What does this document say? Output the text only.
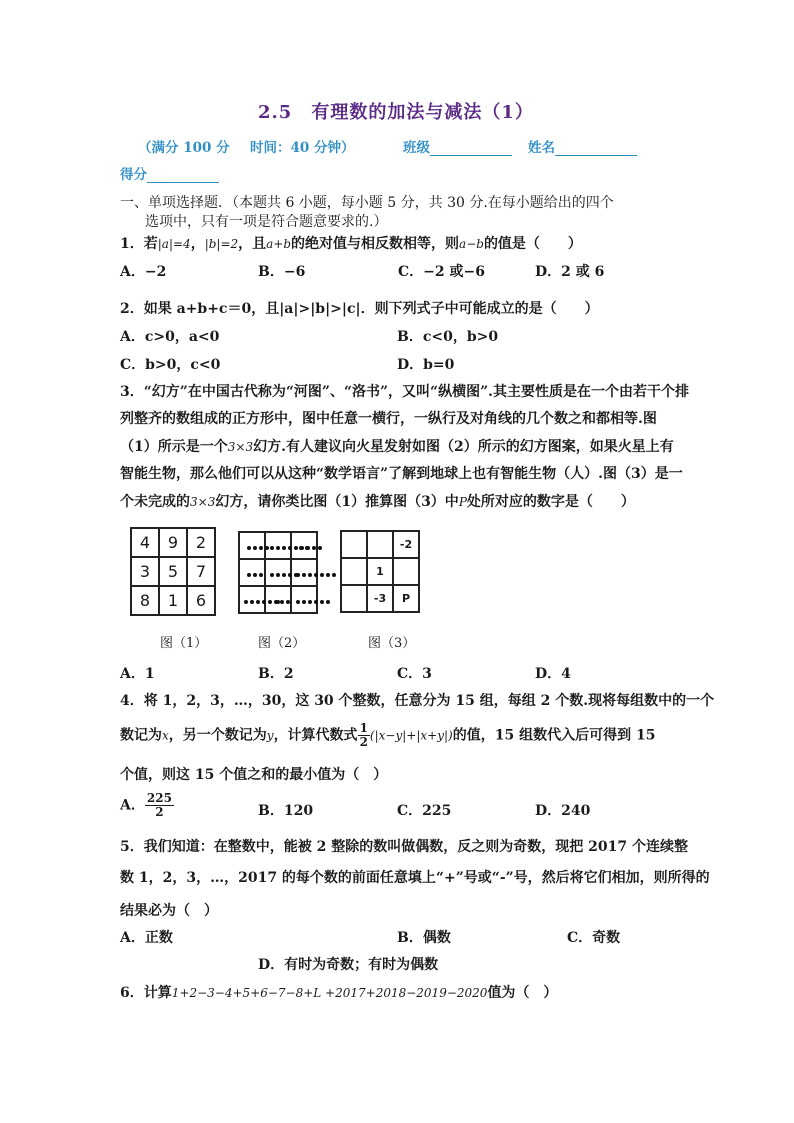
2.5　有理数的加法与减法（1）
（满分 100 分 时间：40 分钟）	班级	姓名
得分
一、单项选择题．（本题共 6 小题，每小题 5 分，共 30 分.在每小题给出的四个
选项中，只有一项是符合题意要求的.）
1．若|a|=4，|b|=2，且a+b的绝对值与相反数相等，则a−b的值是（　　）
A．−2	B．−6	C．−2 或−6	D．2 或 6
2．如果 a+b+c＝0，且|a|>|b|>|c|．则下列式子中可能成立的是（　　）
A．c>0，a<0	B．c<0，b>0
C．b>0，c<0	D．b=0
3．“幻方”在中国古代称为“河图”、“洛书”，又叫“纵横图”.其主要性质是在一个由若干个排
列整齐的数组成的正方形中，图中任意一横行，一纵行及对角线的几个数之和都相等.图
（1）所示是一个3×3幻方.有人建议向火星发射如图（2）所示的幻方图案，如果火星上有
智能生物，那么他们可以从这种“数学语言”了解到地球上也有智能生物（人）.图（3）是一
个未完成的3×3幻方，请你类比图（1）推算图（3）中P处所对应的数字是（　　）
4	9	2
3	5	7
8	1	6

		-2
	1	
	-3	P
图（1）	图（2）	图（3）
A．1	B．2	C．3	D．4
4．将 1，2，3，…，30，这 30 个整数，任意分为 15 组，每组 2 个数.现将每组数中的一个
数记为x，另一个数记为y，计算代数式 $\frac{1}{2} (|x-y|+|x+y|)$的值，15 组数代入后可得到 15
个值，则这 15 个值之和的最小值为（　）
A． $\frac{225}{2}$	B．120	C．225	D．240
5．我们知道：在整数中，能被 2 整除的数叫做偶数，反之则为奇数，现把 2017 个连续整
数 1，2，3，…，2017 的每个数的前面任意填上“+”号或“-”号，然后将它们相加，则所得的
结果必为（　）
A．正数	B．偶数	C．奇数
D．有时为奇数；有时为偶数
6．计算1+2−3−4+5+6−7−8+L +2017+2018−2019−2020值为（　）
